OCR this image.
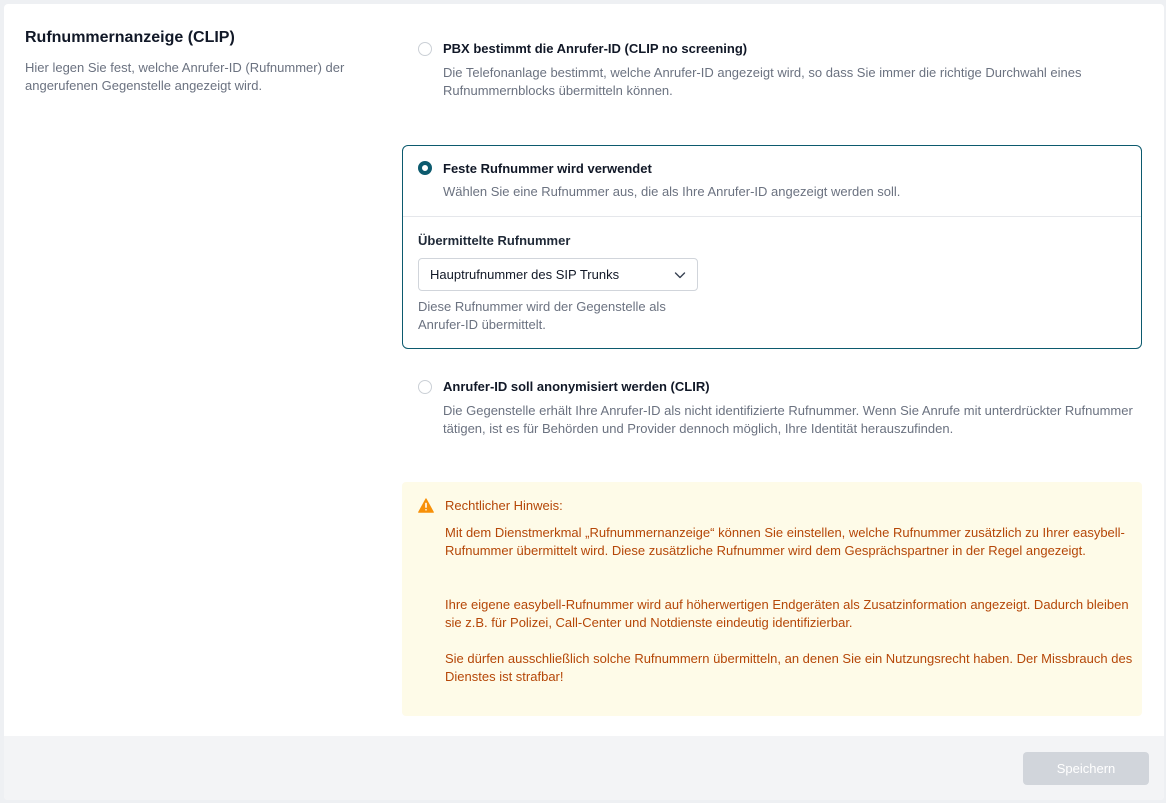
Rufnummernanzeige (CLIP)
Hier legen Sie fest, welche Anrufer-ID (Rufnummer) der angerufenen Gegenstelle angezeigt wird.
PBX bestimmt die Anrufer-ID (CLIP no screening)
Die Telefonanlage bestimmt, welche Anrufer-ID angezeigt wird, so dass Sie immer die richtige Durchwahl eines Rufnummernblocks übermitteln können.
Feste Rufnummer wird verwendet
Wählen Sie eine Rufnummer aus, die als Ihre Anrufer-ID angezeigt werden soll.
Übermittelte Rufnummer
Hauptrufnummer des SIP Trunks
Diese Rufnummer wird der Gegenstelle als Anrufer-ID übermittelt.
Anrufer-ID soll anonymisiert werden (CLIR)
Die Gegenstelle erhält Ihre Anrufer-ID als nicht identifizierte Rufnummer. Wenn Sie Anrufe mit unterdrückter Rufnummer tätigen, ist es für Behörden und Provider dennoch möglich, Ihre Identität herauszufinden.
Rechtlicher Hinweis:
Mit dem Dienstmerkmal „Rufnummernanzeige“ können Sie einstellen, welche Rufnummer zusätzlich zu Ihrer easybell-Rufnummer übermittelt wird. Diese zusätzliche Rufnummer wird dem Gesprächspartner in der Regel angezeigt.
Ihre eigene easybell-Rufnummer wird auf höherwertigen Endgeräten als Zusatzinformation angezeigt. Dadurch bleiben sie z.B. für Polizei, Call-Center und Notdienste eindeutig identifizierbar.
Sie dürfen ausschließlich solche Rufnummern übermitteln, an denen Sie ein Nutzungsrecht haben. Der Missbrauch des Dienstes ist strafbar!
Speichern
